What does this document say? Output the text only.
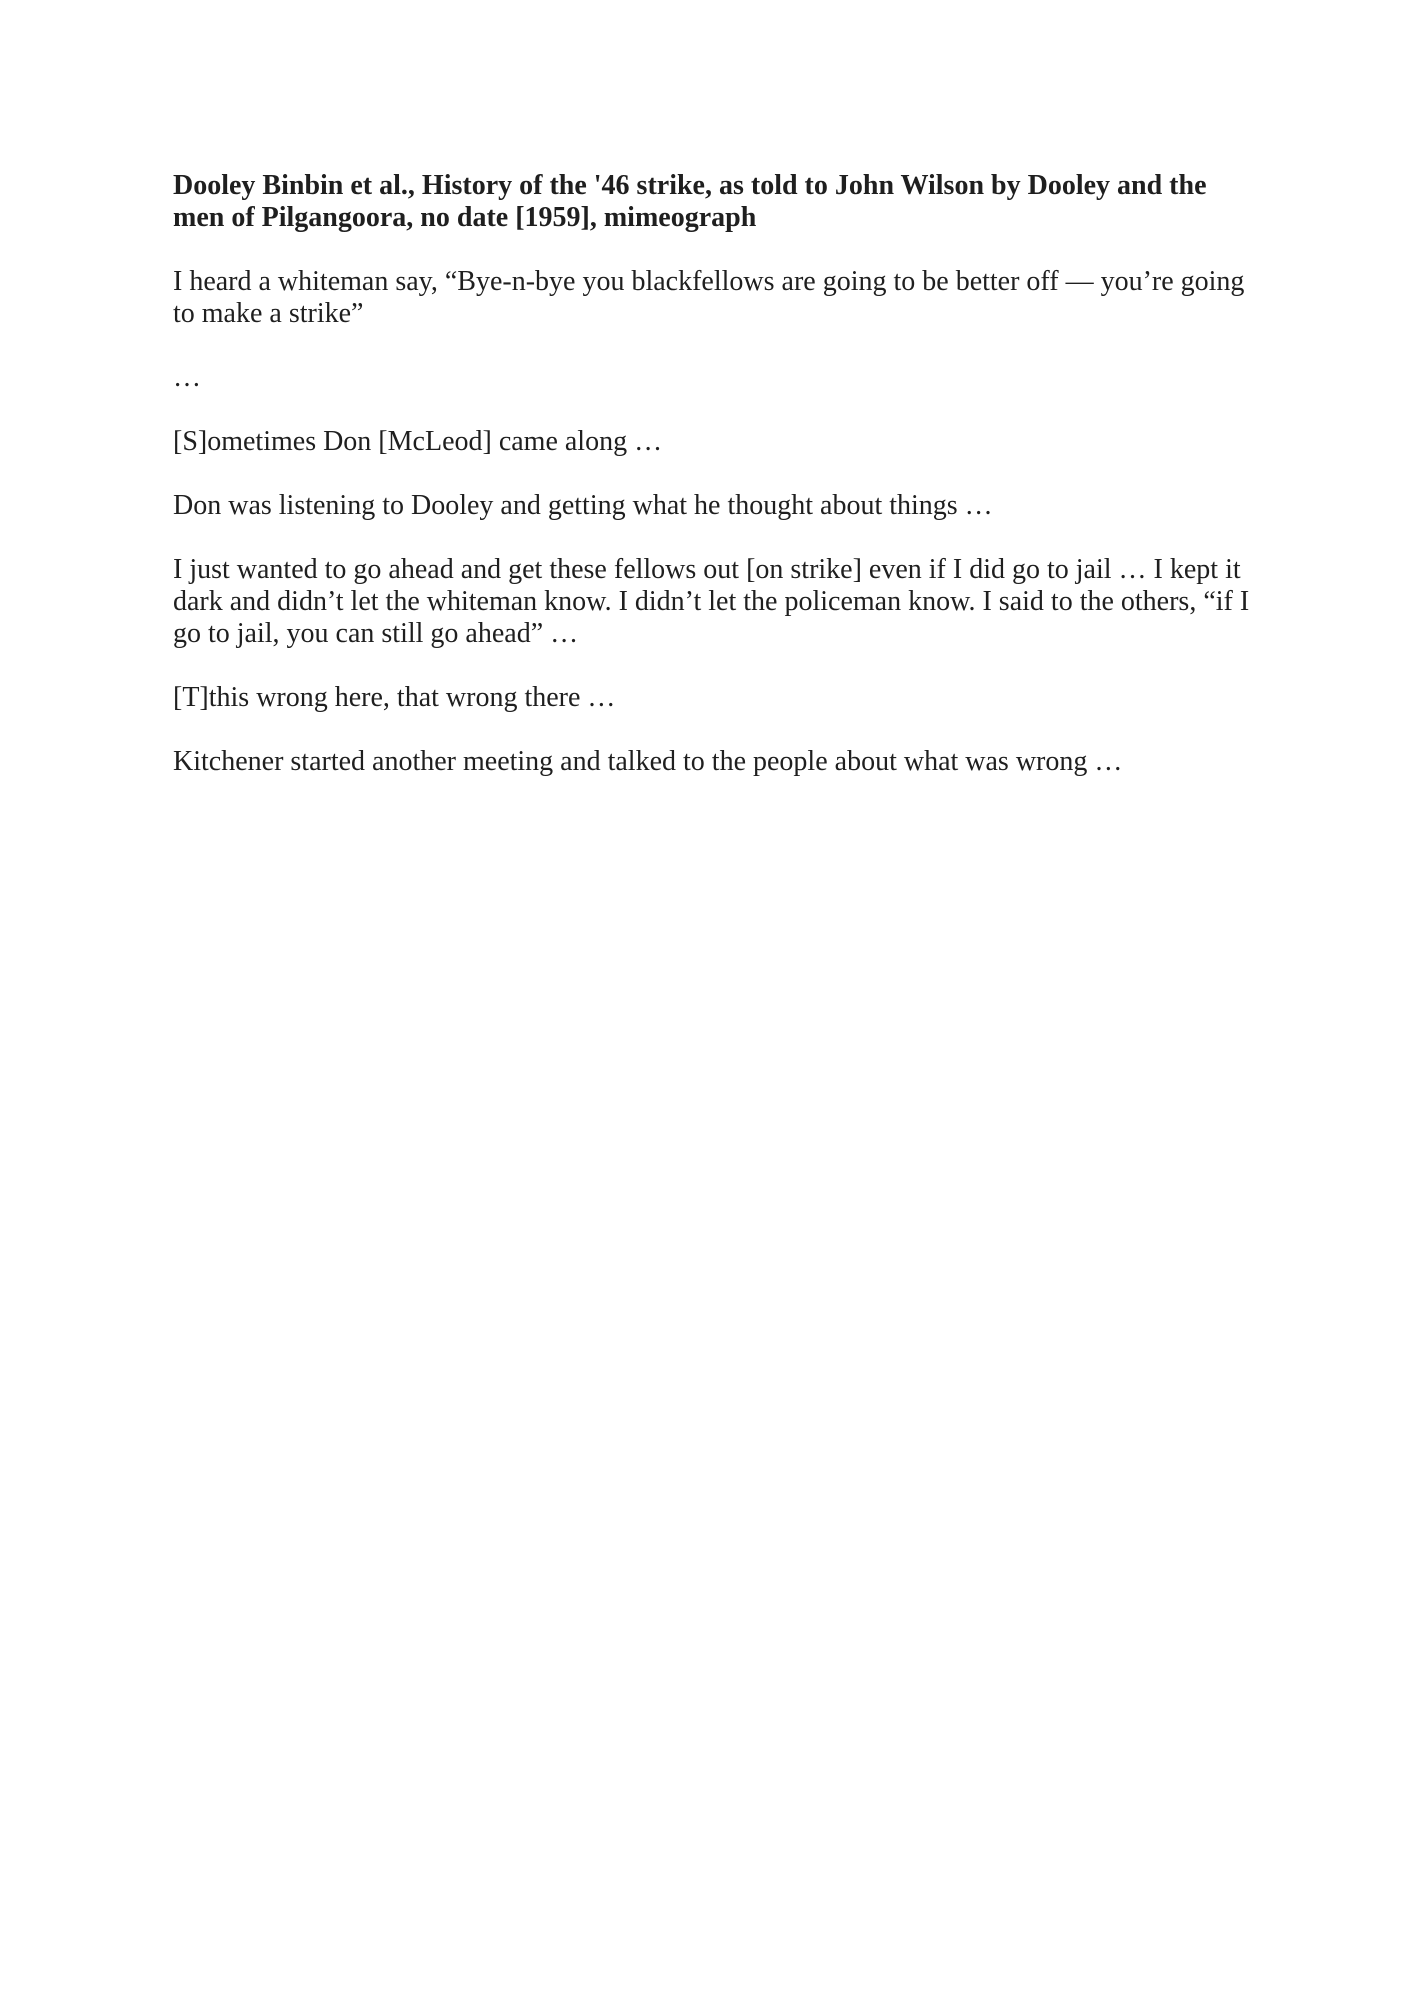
Dooley Binbin et al., History of the '46 strike, as told to John Wilson by Dooley and the men of Pilgangoora, no date [1959], mimeograph

I heard a whiteman say, “Bye-n-bye you blackfellows are going to be better off — you’re going to make a strike”

…

[S]ometimes Don [McLeod] came along …

Don was listening to Dooley and getting what he thought about things …

I just wanted to go ahead and get these fellows out [on strike] even if I did go to jail … I kept it dark and didn’t let the whiteman know. I didn’t let the policeman know. I said to the others, “if I go to jail, you can still go ahead” …

[T]this wrong here, that wrong there …

Kitchener started another meeting and talked to the people about what was wrong …
